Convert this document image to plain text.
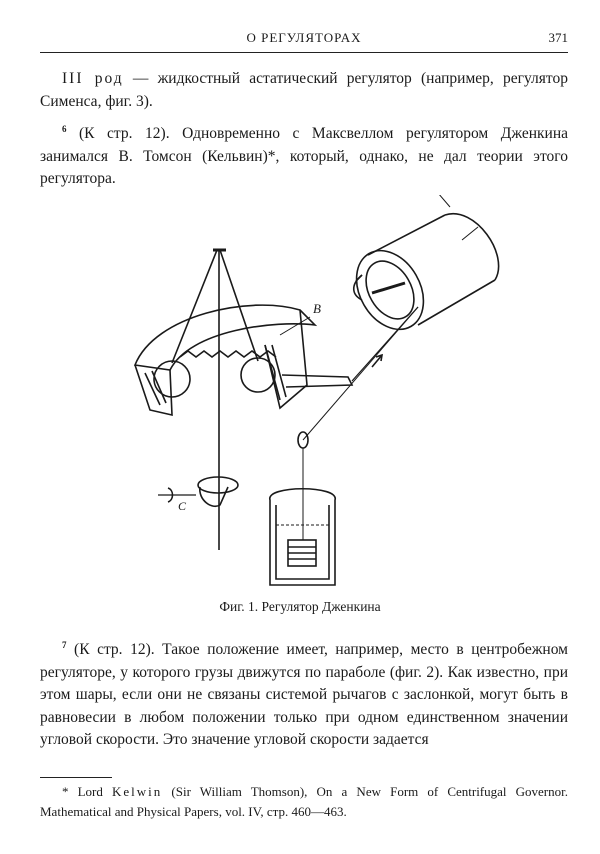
О РЕГУЛЯТОРАХ	371
III род — жидкостный астатический регулятор (например, регулятор Сименса, фиг. 3).
$^6$ (К стр. 12). Одновременно с Максвеллом регулятором Дженкина занимался В. Томсон (Кельвин)*, который, однако, не дал теории этого регулятора.
B
C
Фиг. 1. Регулятор Дженкина
$^7$ (К стр. 12). Такое положение имеет, например, место в центробежном регуляторе, у которого грузы движутся по параболе (фиг. 2). Как известно, при этом шары, если они не связаны системой рычагов с заслонкой, могут быть в равновесии в любом положении только при одном единственном значении угловой скорости. Это значение угловой скорости задается
* Lord Kelwin (Sir William Thomson), On a New Form of Centrifugal Governor. Mathematical and Physical Papers, vol. IV, стр. 460—463.
